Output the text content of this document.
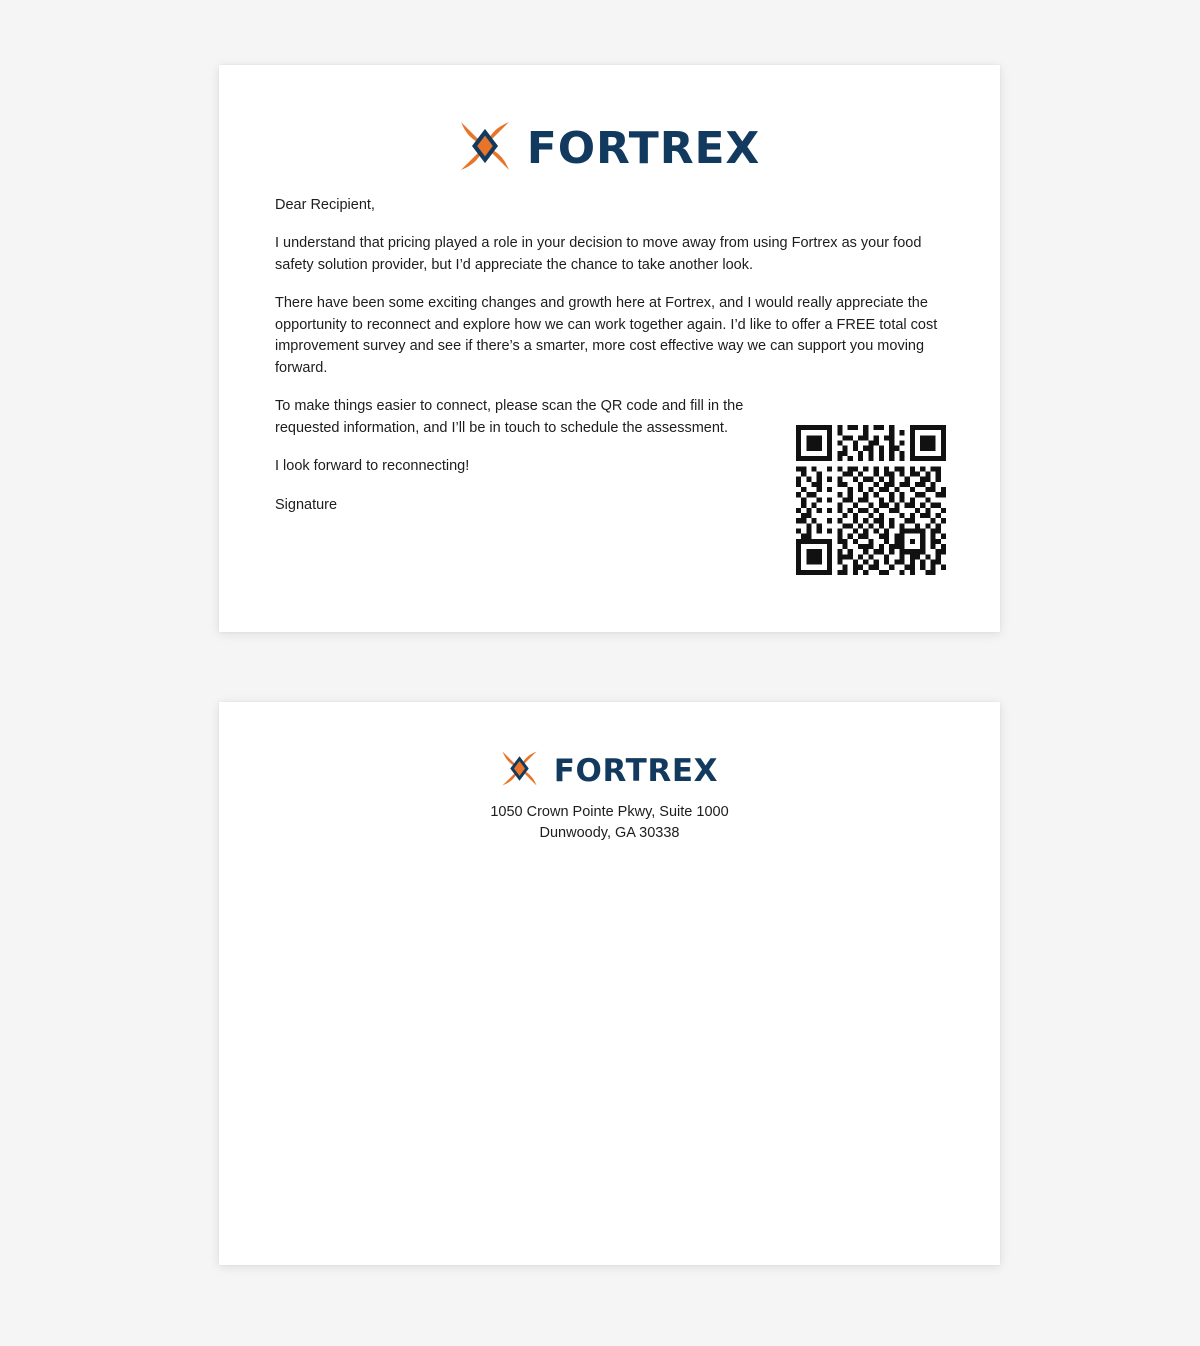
FORTREX

Dear Recipient,

I understand that pricing played a role in your decision to move away from using Fortrex as your food safety solution provider, but I’d appreciate the chance to take another look.

There have been some exciting changes and growth here at Fortrex, and I would really appreciate the opportunity to reconnect and explore how we can work together again. I’d like to offer a FREE total cost improvement survey and see if there’s a smarter, more cost effective way we can support you moving forward.

To make things easier to connect, please scan the QR code and fill in the requested information, and I’ll be in touch to schedule the assessment.

I look forward to reconnecting!

Signature

FORTREX
1050 Crown Pointe Pkwy, Suite 1000
Dunwoody, GA 30338
